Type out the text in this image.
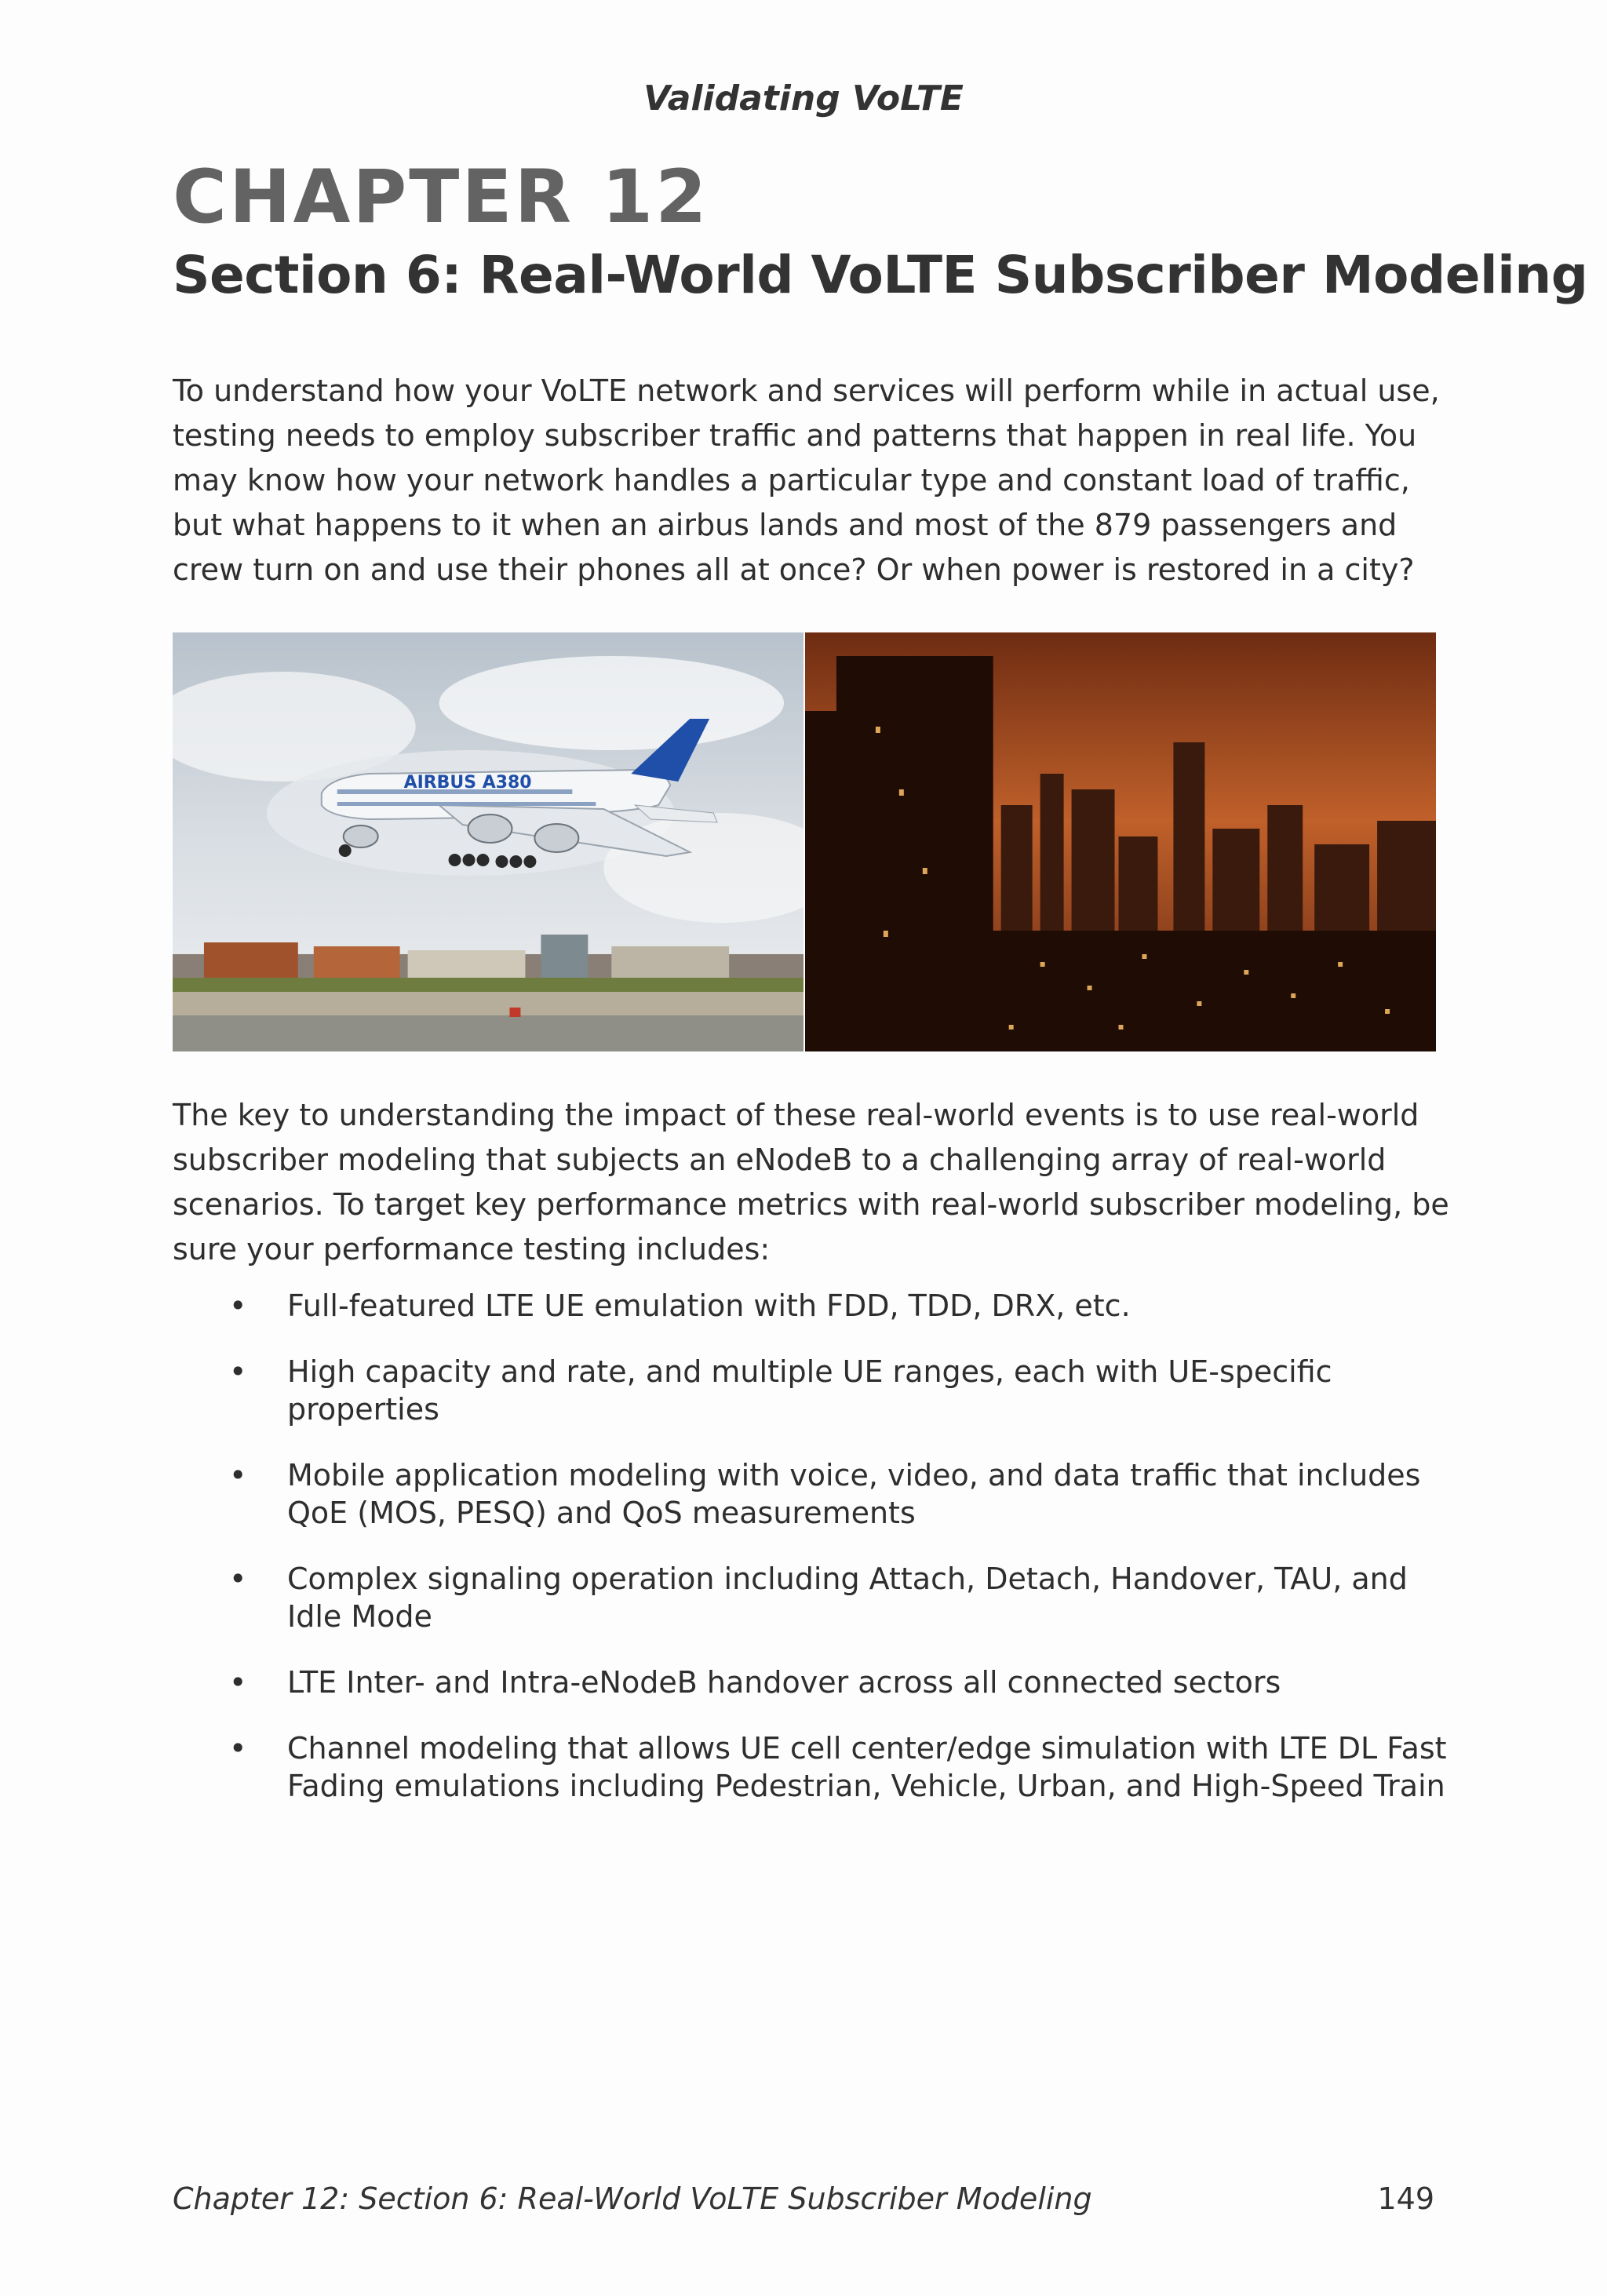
Validating VoLTE
CHAPTER 12
Section 6: Real-World VoLTE Subscriber Modeling

To understand how your VoLTE network and services will perform while in actual use, testing needs to employ subscriber traffic and patterns that happen in real life. You may know how your network handles a particular type and constant load of traffic, but what happens to it when an airbus lands and most of the 879 passengers and crew turn on and use their phones all at once? Or when power is restored in a city?

AIRBUS A380

The key to understanding the impact of these real-world events is to use real-world subscriber modeling that subjects an eNodeB to a challenging array of real-world scenarios. To target key performance metrics with real-world subscriber modeling, be sure your performance testing includes:

• Full-featured LTE UE emulation with FDD, TDD, DRX, etc.
• High capacity and rate, and multiple UE ranges, each with UE-specific properties
• Mobile application modeling with voice, video, and data traffic that includes QoE (MOS, PESQ) and QoS measurements
• Complex signaling operation including Attach, Detach, Handover, TAU, and Idle Mode
• LTE Inter- and Intra-eNodeB handover across all connected sectors
• Channel modeling that allows UE cell center/edge simulation with LTE DL Fast Fading emulations including Pedestrian, Vehicle, Urban, and High-Speed Train
Chapter 12: Section 6: Real-World VoLTE Subscriber Modeling	149
